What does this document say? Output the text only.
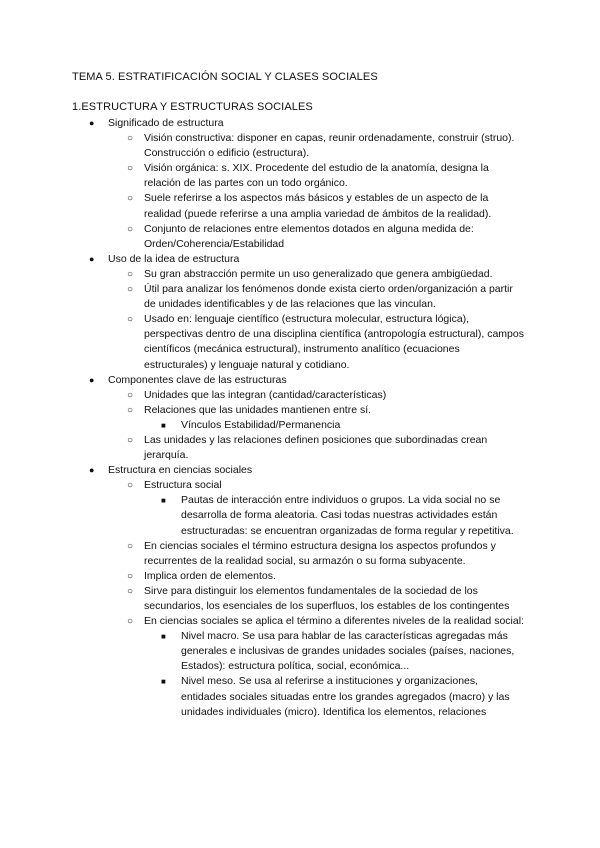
TEMA 5. ESTRATIFICACIÓN SOCIAL Y CLASES SOCIALES
1.ESTRUCTURA Y ESTRUCTURAS SOCIALES
● Significado de estructura
○ Visión constructiva: disponer en capas, reunir ordenadamente, construir (struo). Construcción o edificio (estructura).
○ Visión orgánica: s. XIX. Procedente del estudio de la anatomía, designa la relación de las partes con un todo orgánico.
○ Suele referirse a los aspectos más básicos y estables de un aspecto de la realidad (puede referirse a una amplia variedad de ámbitos de la realidad).
○ Conjunto de relaciones entre elementos dotados en alguna medida de: Orden/Coherencia/Estabilidad
● Uso de la idea de estructura
○ Su gran abstracción permite un uso generalizado que genera ambigüedad.
○ Útil para analizar los fenómenos donde exista cierto orden/organización a partir de unidades identificables y de las relaciones que las vinculan.
○ Usado en: lenguaje científico (estructura molecular, estructura lógica), perspectivas dentro de una disciplina científica (antropología estructural), campos científicos (mecánica estructural), instrumento analítico (ecuaciones estructurales) y lenguaje natural y cotidiano.
● Componentes clave de las estructuras
○ Unidades que las integran (cantidad/características)
○ Relaciones que las unidades mantienen entre sí.
■ Vínculos Estabilidad/Permanencia
○ Las unidades y las relaciones definen posiciones que subordinadas crean jerarquía.
● Estructura en ciencias sociales
○ Estructura social
■ Pautas de interacción entre individuos o grupos. La vida social no se desarrolla de forma aleatoria. Casi todas nuestras actividades están estructuradas: se encuentran organizadas de forma regular y repetitiva.
○ En ciencias sociales el término estructura designa los aspectos profundos y recurrentes de la realidad social, su armazón o su forma subyacente.
○ Implica orden de elementos.
○ Sirve para distinguir los elementos fundamentales de la sociedad de los secundarios, los esenciales de los superfluos, los estables de los contingentes
○ En ciencias sociales se aplica el término a diferentes niveles de la realidad social:
■ Nivel macro. Se usa para hablar de las características agregadas más generales e inclusivas de grandes unidades sociales (países, naciones, Estados): estructura política, social, económica...
■ Nivel meso. Se usa al referirse a instituciones y organizaciones, entidades sociales situadas entre los grandes agregados (macro) y las unidades individuales (micro). Identifica los elementos, relaciones
